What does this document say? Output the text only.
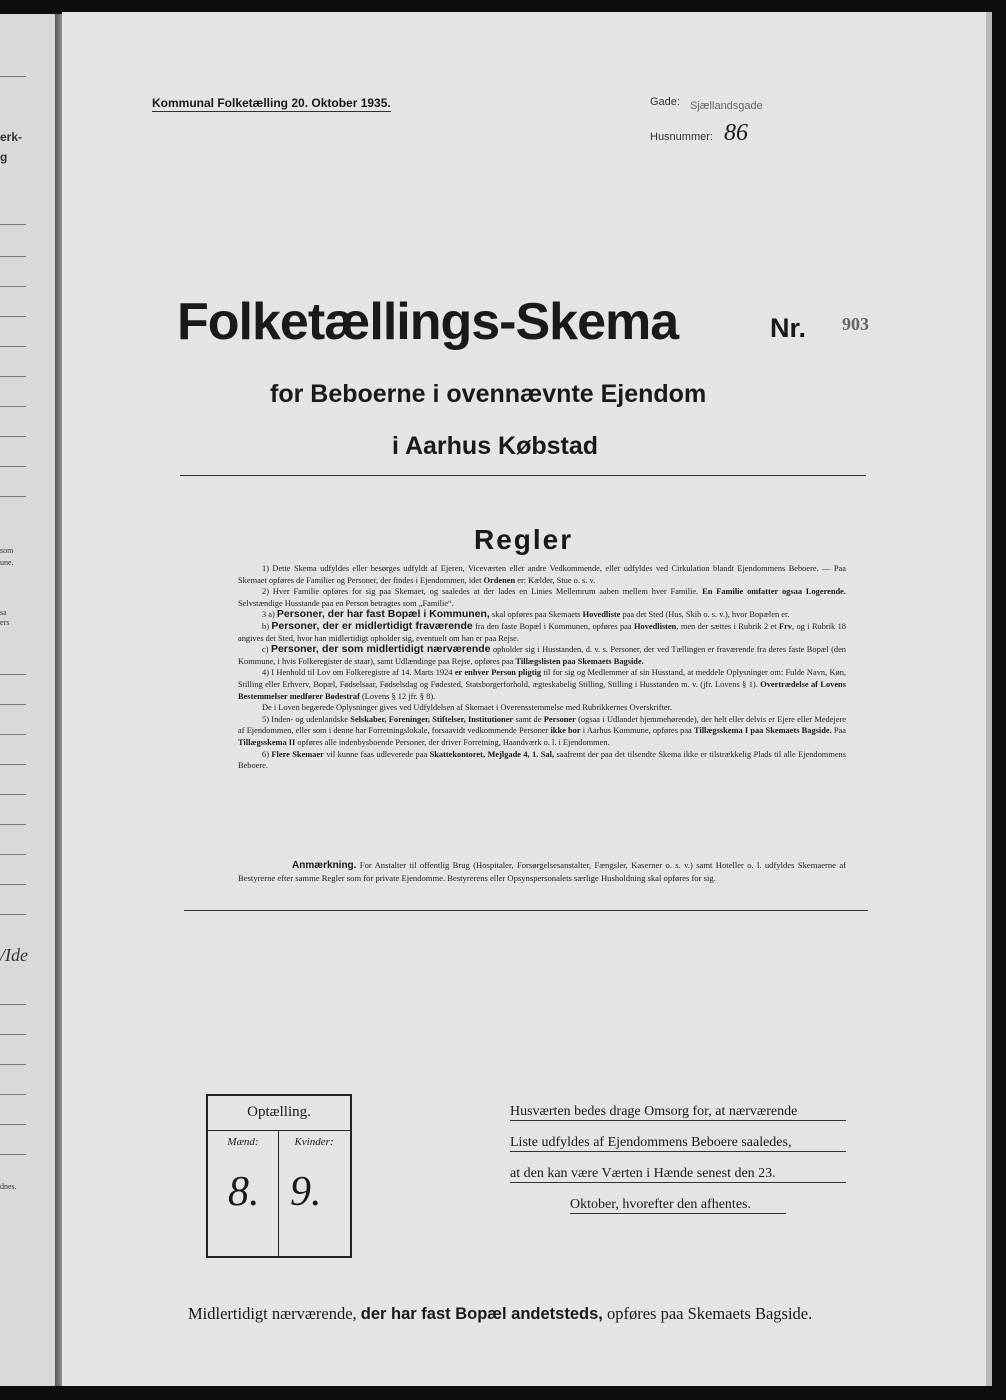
erk-
g
som
une.
sa
ers
/Ide
dnes.
Kommunal Folketælling 20. Oktober 1935.	Gade: Sjællandsgade
Husnummer: 86
Folketællings-Skema	Nr. 903
for Beboerne i ovennævnte Ejendom
i Aarhus Købstad
Regler

1) Dette Skema udfyldes eller besørges udfyldt af Ejeren, Viceværten eller andre Vedkommende, eller udfyldes ved Cirkulation blandt Ejendommens Beboere. — Paa Skemaet opføres de Familier og Personer, der findes i Ejendommen, idet Ordenen er: Kælder, Stue o. s. v.

2) Hver Familie opføres for sig paa Skemaet, og saaledes at der lades en Linies Mellemrum aaben mellem hver Familie. En Familie omfatter ogsaa Logerende. Selvstændige Husstande paa en Person betragtes som „Familie“.

3 a) Personer, der har fast Bopæl i Kommunen, skal opføres paa Skemaets Hovedliste paa det Sted (Hus, Skib o. s. v.), hvor Bopælen er.

b) Personer, der er midlertidigt fraværende fra den faste Bopæl i Kommunen, opføres paa Hovedlisten, men der sættes i Rubrik 2 et Frv, og i Rubrik 18 angives det Sted, hvor han midlertidigt opholder sig, eventuelt om han er paa Rejse.

c) Personer, der som midlertidigt nærværende opholder sig i Husstanden, d. v. s. Personer, der ved Tællingen er fraværende fra deres faste Bopæl (den Kommune, i hvis Folkeregister de staar), samt Udlændinge paa Rejse, opføres paa Tillægslisten paa Skemaets Bagside.

4) I Henhold til Lov om Folkeregistre af 14. Marts 1924 er enhver Person pligtig til for sig og Medlemmer af sin Husstand, at meddele Oplysninger om: Fulde Navn, Køn, Stilling eller Erhverv, Bopæl, Fødselsaar, Fødselsdag og Fødested, Statsborgerforhold, ægteskabelig Stilling, Stilling i Husstanden m. v. (jfr. Lovens § 1). Overtrædelse af Lovens Bestemmelser medfører Bødestraf (Lovens § 12 jfr. § 8).

De i Loven begærede Oplysninger gives ved Udfyldelsen af Skemaet i Overensstemmelse med Rubrikkernes Overskrifter.

5) Inden- og udenlandske Selskaber, Foreninger, Stiftelser, Institutioner samt de Personer (ogsaa i Udlandet hjemmehørende), der helt eller delvis er Ejere eller Medejere af Ejendommen, eller som i denne har Forretningslokale, forsaavidt vedkommende Personer ikke bor i Aarhus Kommune, opføres paa Tillægsskema I paa Skemaets Bagside. Paa Tillægsskema II opføres alle indenbysboende Personer, der driver Forretning, Haandværk o. l. i Ejendommen.

6) Flere Skemaer vil kunne faas udleverede paa Skattekontoret, Mejlgade 4, 1. Sal, saafremt der paa det tilsendte Skema ikke er tilstrækkelig Plads til alle Ejendommens Beboere.

Anmærkning. For Anstalter til offentlig Brug (Hospitaler, Forsørgelsesanstalter, Fængsler, Kaserner o. s. v.) samt Hoteller o. l. udfyldes Skemaerne af Bestyrerne efter samme Regler som for private Ejendomme. Bestyrerens eller Opsynspersonalets særlige Husholdning skal opføres for sig.
Optælling.
Mænd:	Kvinder:
8. 9.
Husværten bedes drage Omsorg for, at nærværende
Liste udfyldes af Ejendommens Beboere saaledes,
at den kan være Værten i Hænde senest den 23.
Oktober, hvorefter den afhentes.
Midlertidigt nærværende, der har fast Bopæl andetsteds, opføres paa Skemaets Bagside.
